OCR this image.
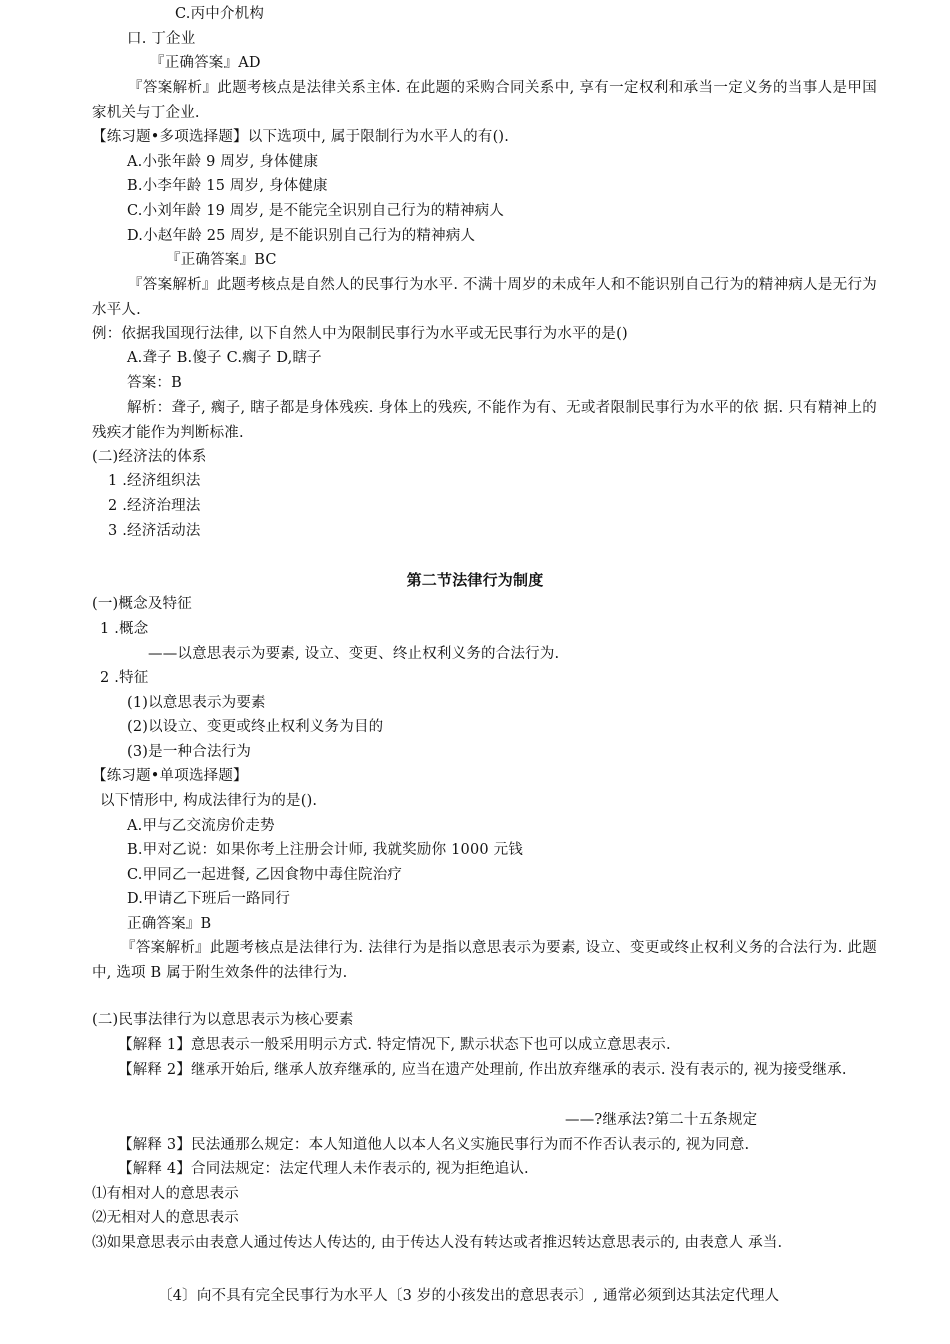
C.丙中介机构
口. 丁企业
『正确答案』AD
『答案解析』此题考核点是法律关系主体. 在此题的采购合同关系中, 享有一定权利和承当一定义务的当事人是甲国家机关与丁企业.
【练习题•多项选择题】以下选项中, 属于限制行为水平人的有().
A.小张年龄 9 周岁, 身体健康
B.小李年龄 15 周岁, 身体健康
C.小刘年龄 19 周岁, 是不能完全识别自己行为的精神病人
D.小赵年龄 25 周岁, 是不能识别自己行为的精神病人
『正确答案』BC
『答案解析』此题考核点是自然人的民事行为水平. 不满十周岁的未成年人和不能识别自己行为的精神病人是无行为水平人.
例：依据我国现行法律, 以下自然人中为限制民事行为水平或无民事行为水平的是()
A.聋子 B.傻子 C.瘸子 D,瞎子
答案：B
解析：聋子, 瘸子, 瞎子都是身体残疾. 身体上的残疾, 不能作为有、无或者限制民事行为水平的依 据. 只有精神上的残疾才能作为判断标准.
(二)经济法的体系
1 .经济组织法
2 .经济治理法
3 .经济活动法
第二节法律行为制度
(一)概念及特征
1 .概念
——以意思表示为要素, 设立、变更、终止权利义务的合法行为.
2 .特征
(1)以意思表示为要素
(2)以设立、变更或终止权利义务为目的
(3)是一种合法行为
【练习题•单项选择题】
以下情形中, 构成法律行为的是().
A.甲与乙交流房价走势
B.甲对乙说：如果你考上注册会计师, 我就奖励你 1000 元钱
C.甲同乙一起进餐, 乙因食物中毒住院治疗
D.甲请乙下班后一路同行
正确答案』B
『答案解析』此题考核点是法律行为. 法律行为是指以意思表示为要素, 设立、变更或终止权利义务的合法行为. 此题中, 选项 B 属于附生效条件的法律行为.
(二)民事法律行为以意思表示为核心要素
【解释 1】意思表示一般采用明示方式. 特定情况下, 默示状态下也可以成立意思表示.
【解释 2】继承开始后, 继承人放弃继承的, 应当在遗产处理前, 作出放弃继承的表示. 没有表示的, 视为接受继承.
——?继承法?第二十五条规定
【解释 3】民法通那么规定：本人知道他人以本人名义实施民事行为而不作否认表示的, 视为同意.
【解释 4】合同法规定：法定代理人未作表示的, 视为拒绝追认.
⑴有相对人的意思表示
⑵无相对人的意思表示
⑶如果意思表示由表意人通过传达人传达的, 由于传达人没有转达或者推迟转达意思表示的, 由表意人 承当.
〔4〕向不具有完全民事行为水平人〔3 岁的小孩发出的意思表示〕, 通常必须到达其法定代理人
